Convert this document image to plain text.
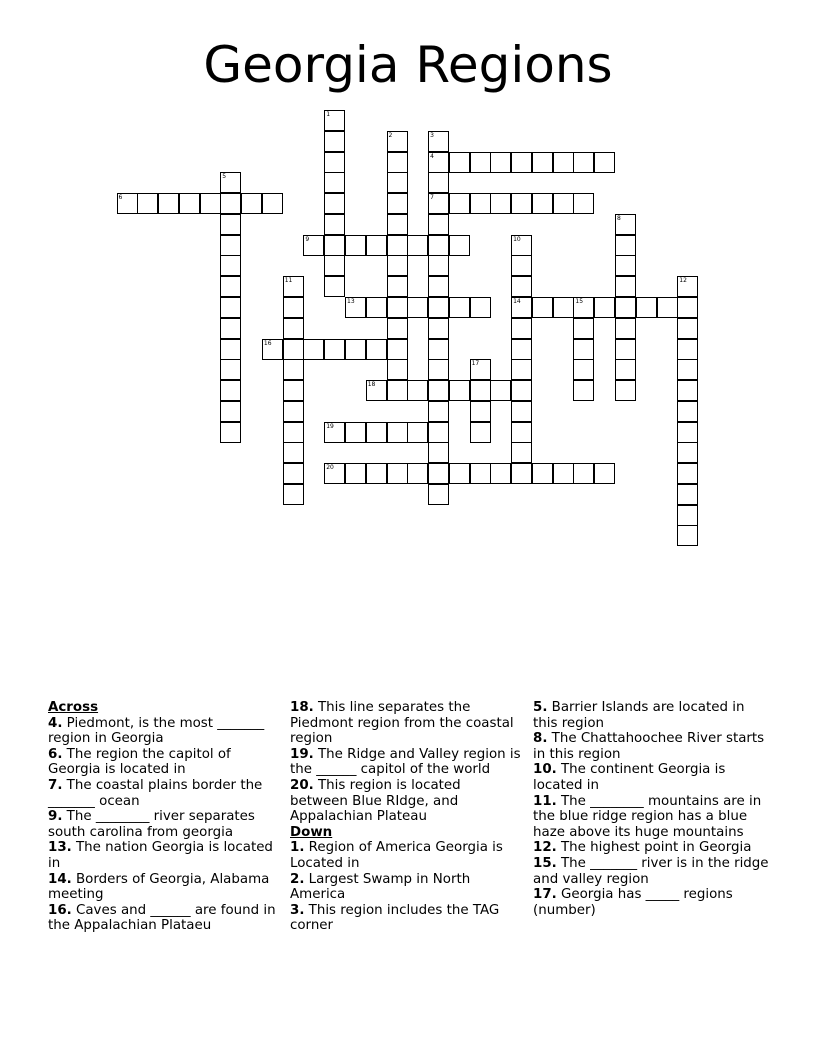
Georgia Regions
1
2	3
4
7
5
6
8
9	10
14
11	12
13	15
16
17
18
19
20
Across
4. Piedmont, is the most _______ region in Georgia
6. The region the capitol of Georgia is located in
7. The coastal plains border the _______ ocean
9. The ________ river separates south carolina from georgia
13. The nation Georgia is located in
14. Borders of Georgia, Alabama meeting
16. Caves and ______ are found in the Appalachian Plataeu
18. This line separates the Piedmont region from the coastal region
19. The Ridge and Valley region is the ______ capitol of the world
20. This region is located between Blue RIdge, and Appalachian Plateau
Down
1. Region of America Georgia is Located in
2. Largest Swamp in North America
3. This region includes the TAG corner
5. Barrier Islands are located in this region
8. The Chattahoochee River starts in this region
10. The continent Georgia is located in
11. The ________ mountains are in the blue ridge region has a blue haze above its huge mountains
12. The highest point in Georgia
15. The _______ river is in the ridge and valley region
17. Georgia has _____ regions (number)
